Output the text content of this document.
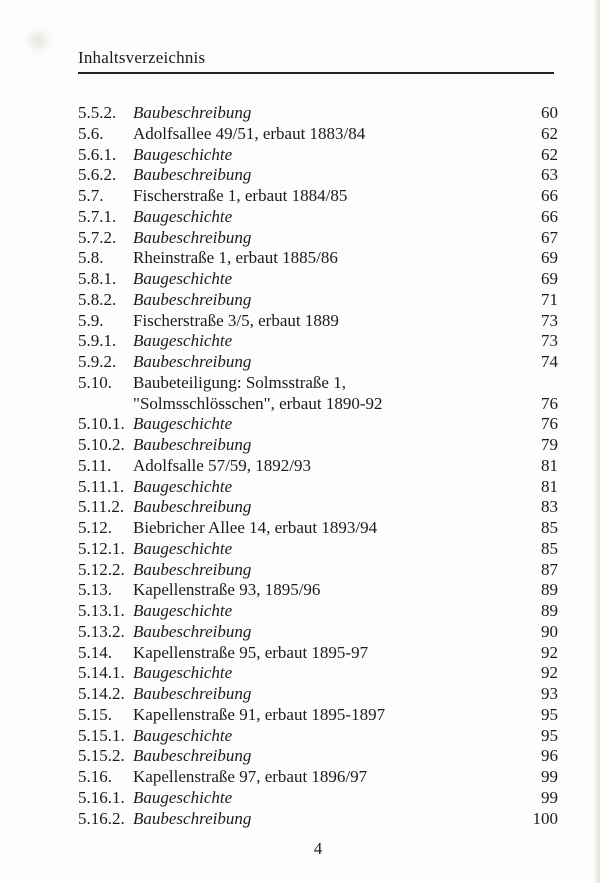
Inhaltsverzeichnis
5.5.2. Baubeschreibung	60
5.6.	Adolfsallee 49/51, erbaut 1883/84	62
5.6.1. Baugeschichte	62
5.6.2. Baubeschreibung	63
5.7.	Fischerstraße 1, erbaut 1884/85	66
5.7.1. Baugeschichte	66
5.7.2. Baubeschreibung	67
5.8.	Rheinstraße 1, erbaut 1885/86	69
5.8.1. Baugeschichte	69
5.8.2. Baubeschreibung	71
5.9.	Fischerstraße 3/5, erbaut 1889	73
5.9.1. Baugeschichte	73
5.9.2. Baubeschreibung	74
5.10.	Baubeteiligung: Solmsstraße 1,
"Solmsschlösschen", erbaut 1890-92	76
5.10.1. Baugeschichte	76
5.10.2. Baubeschreibung	79
5.11.	Adolfsalle 57/59, 1892/93	81
5.11.1. Baugeschichte	81
5.11.2. Baubeschreibung	83
5.12.	Biebricher Allee 14, erbaut 1893/94	85
5.12.1. Baugeschichte	85
5.12.2. Baubeschreibung	87
5.13.	Kapellenstraße 93, 1895/96	89
5.13.1. Baugeschichte	89
5.13.2. Baubeschreibung	90
5.14.	Kapellenstraße 95, erbaut 1895-97	92
5.14.1. Baugeschichte	92
5.14.2. Baubeschreibung	93
5.15.	Kapellenstraße 91, erbaut 1895-1897	95
5.15.1. Baugeschichte	95
5.15.2. Baubeschreibung	96
5.16.	Kapellenstraße 97, erbaut 1896/97	99
5.16.1. Baugeschichte	99
5.16.2. Baubeschreibung	100
4
